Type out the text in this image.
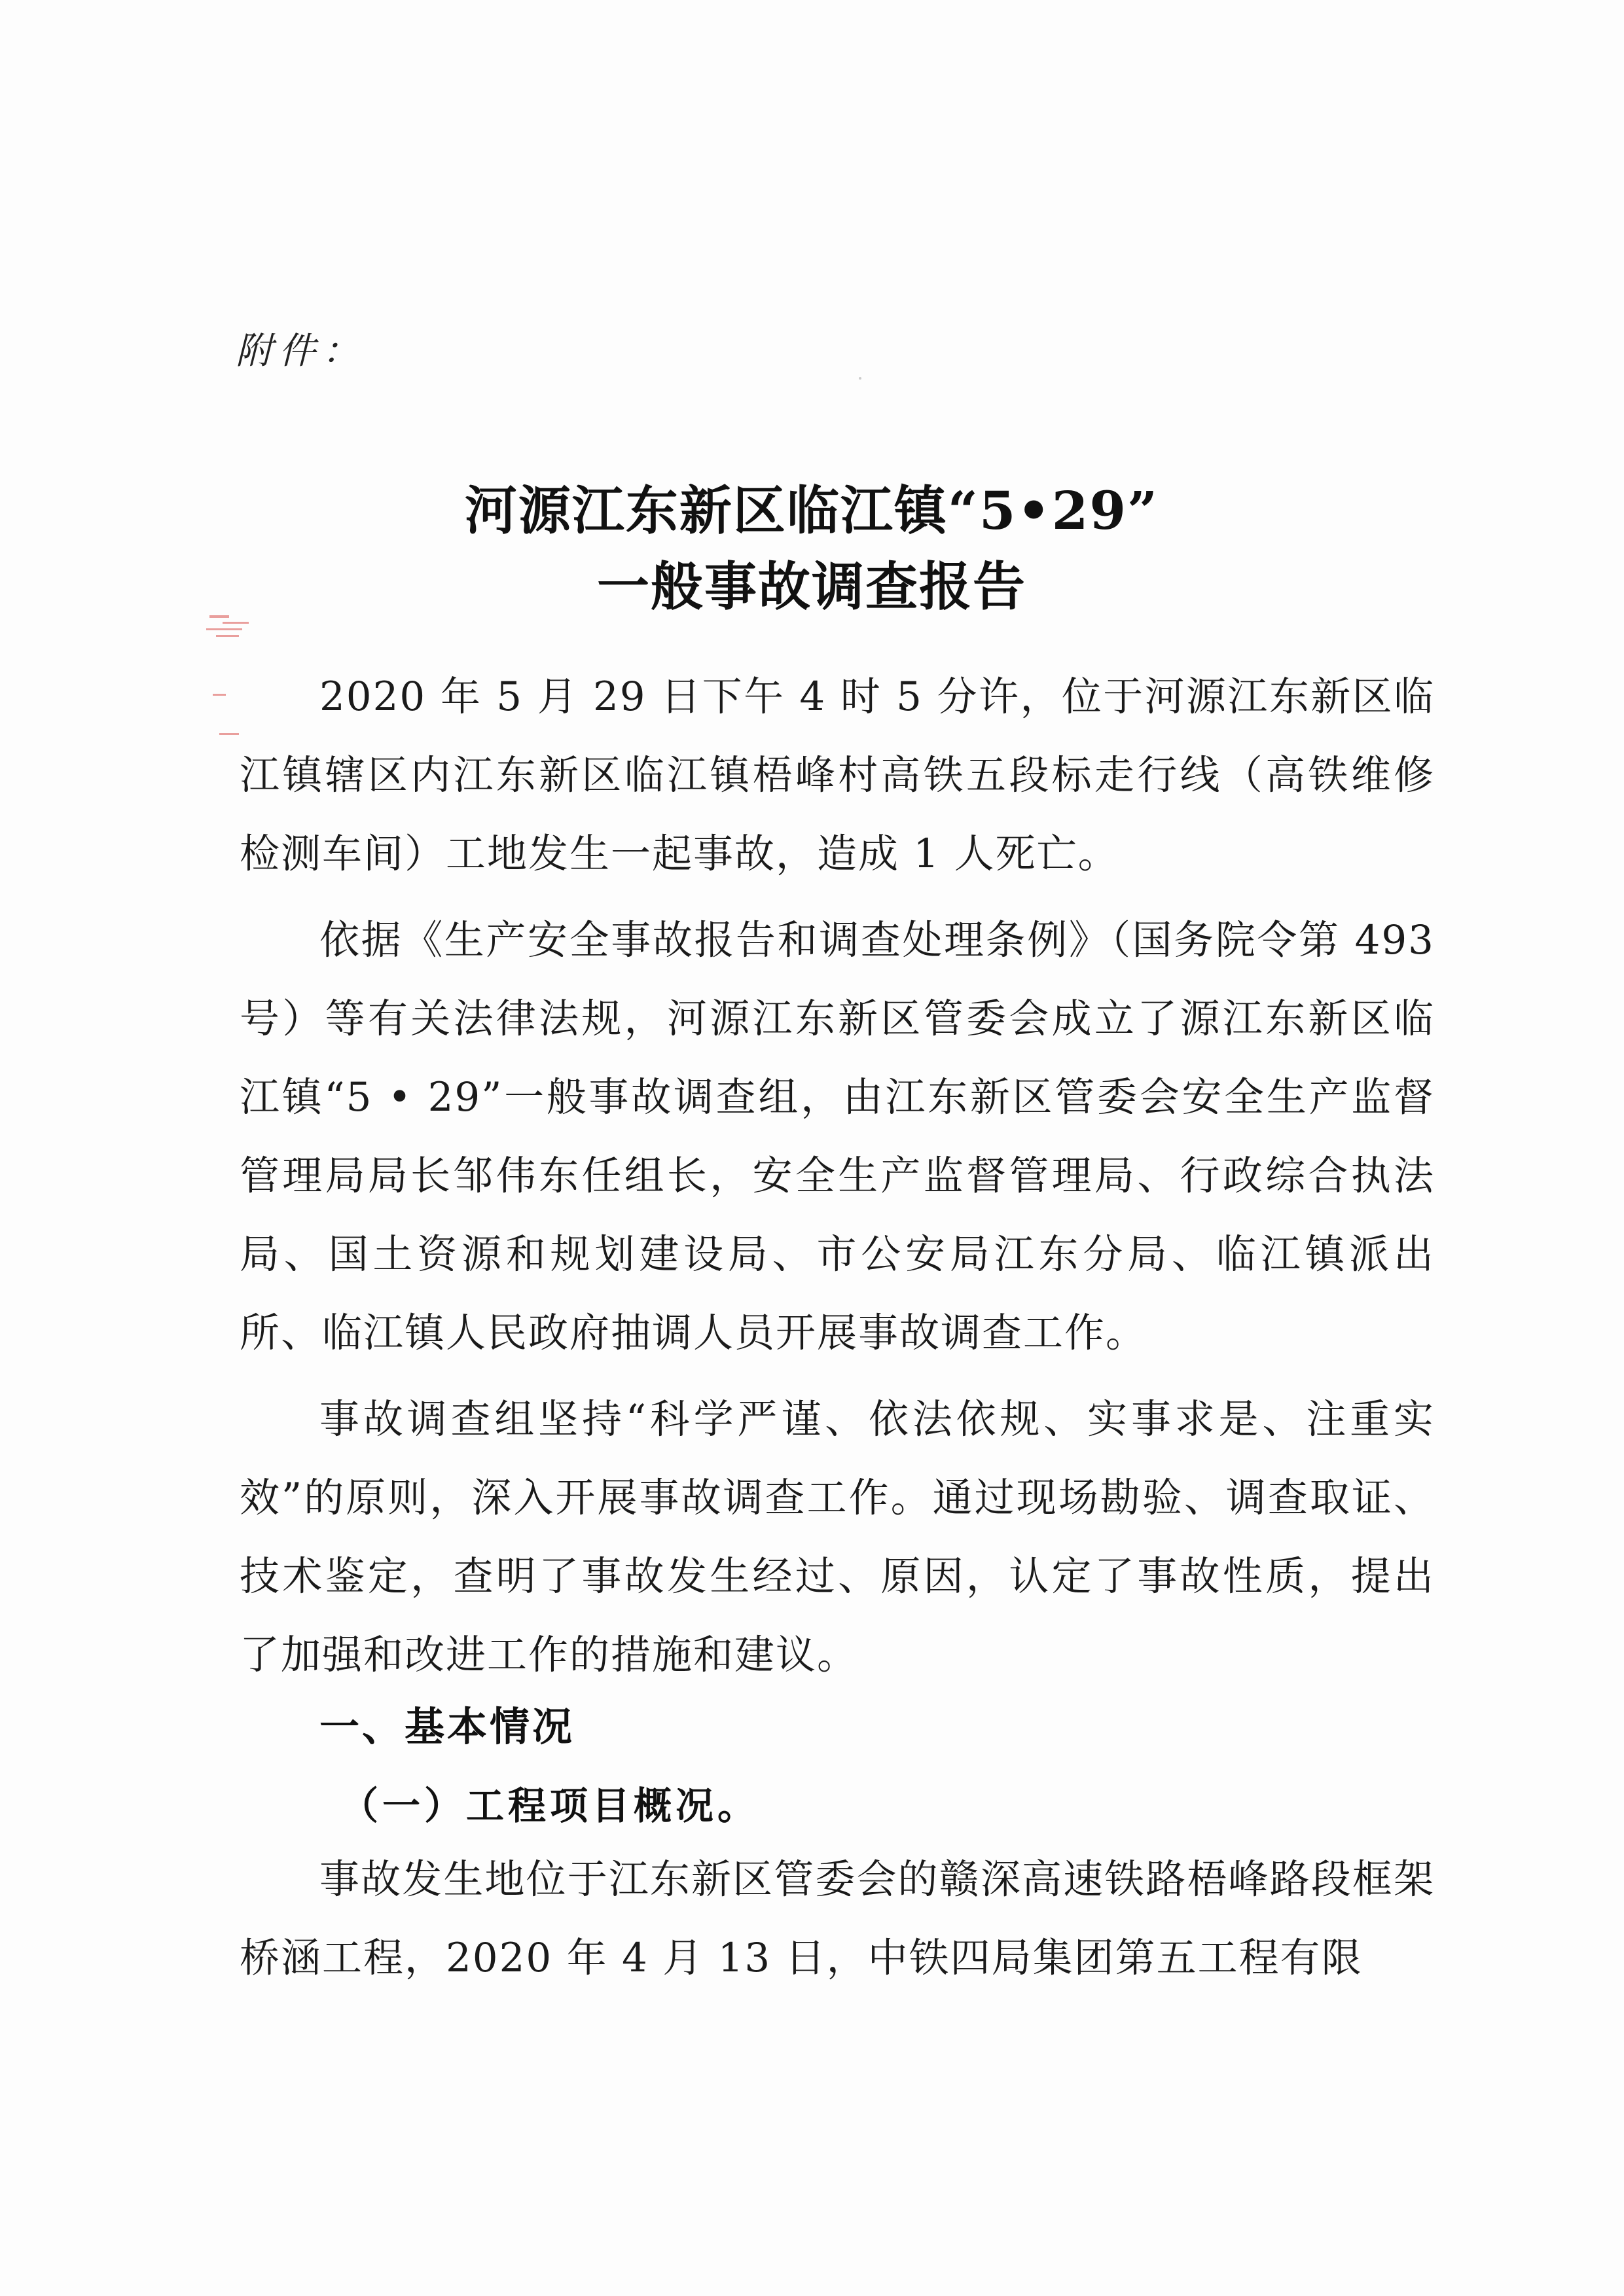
附件：
河源江东新区临江镇“5•29”
一般事故调查报告

2020 年 5 月 29 日下午 4 时 5 分许，位于河源江东新区临江镇辖区内江东新区临江镇梧峰村高铁五段标走行线（高铁维修检测车间）工地发生一起事故，造成 1 人死亡。

依据《生产安全事故报告和调查处理条例》（国务院令第 493 号）等有关法律法规，河源江东新区管委会成立了源江东新区临江镇“5 • 29”一般事故调查组，由江东新区管委会安全生产监督管理局局长邹伟东任组长，安全生产监督管理局、行政综合执法局、国土资源和规划建设局、市公安局江东分局、临江镇派出所、临江镇人民政府抽调人员开展事故调查工作。

事故调查组坚持“科学严谨、依法依规、实事求是、注重实效”的原则，深入开展事故调查工作。通过现场勘验、调查取证、技术鉴定，查明了事故发生经过、原因，认定了事故性质，提出了加强和改进工作的措施和建议。

一、基本情况
（一）工程项目概况。

事故发生地位于江东新区管委会的赣深高速铁路梧峰路段框架桥涵工程，2020 年 4 月 13 日，中铁四局集团第五工程有限
